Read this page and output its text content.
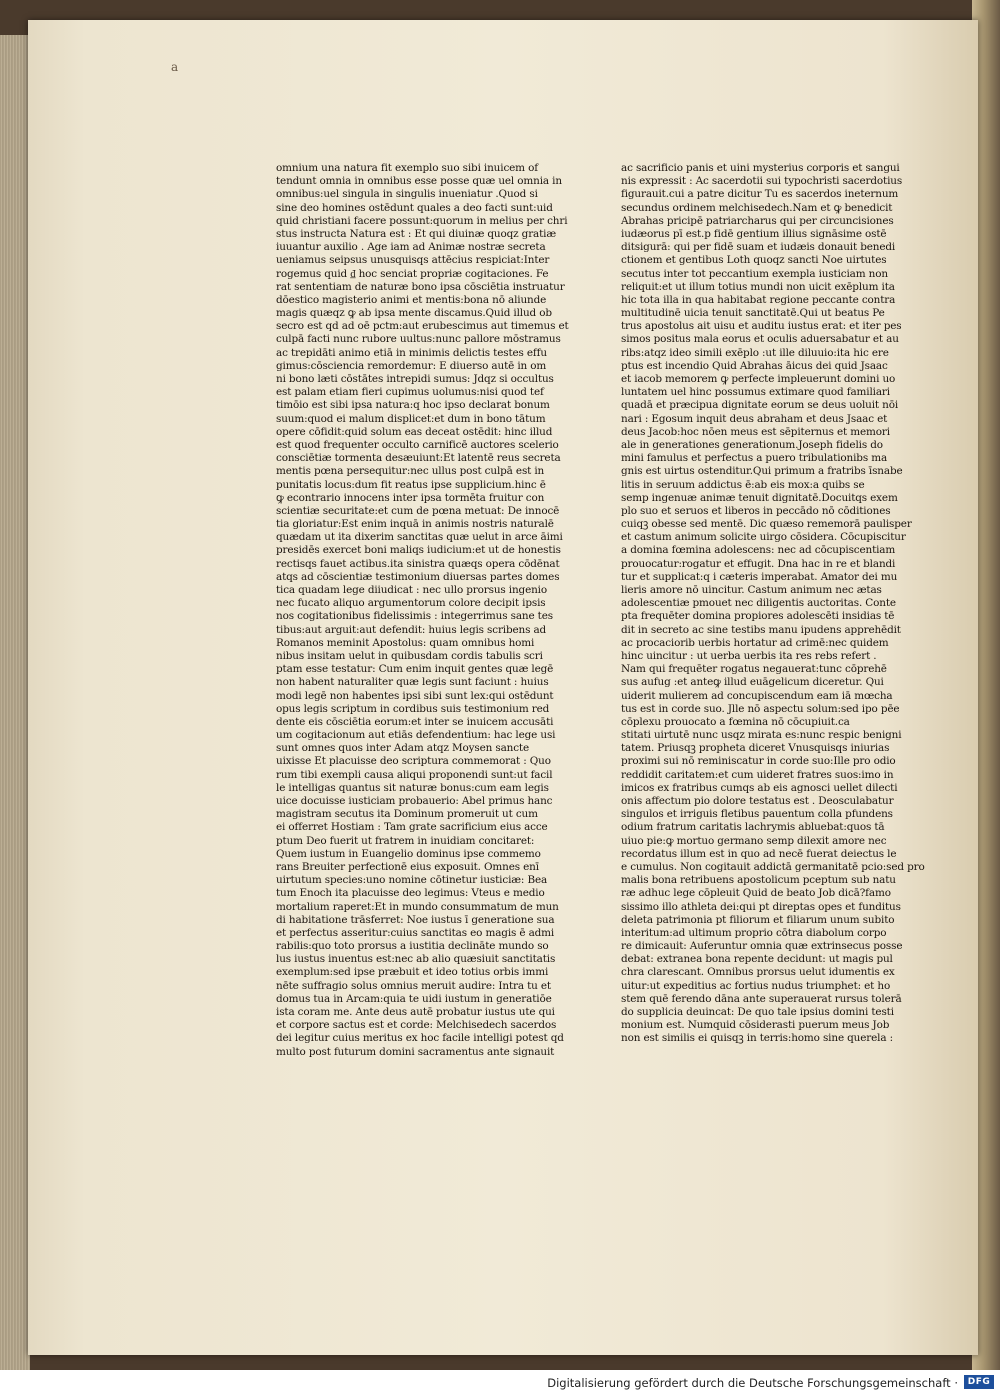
a
omnium una natura fit exemplo suo sibi inuicem of
tendunt omnia in omnibus esse posse quæ uel omnia in
omnibus:uel singula in singulis inueniatur .Quod si
sine deo homines ostēdunt quales a deo facti sunt:uid
quid christiani facere possunt:quorum in melius per chri
stus instructa Natura est : Et qui diuinæ quoqz gratiæ
iuuantur auxilio . Age iam ad Animæ nostræ secreta
ueniamus seipsus unusquisqs attēcius respiciat:Inter
rogemus quid ₫ hoc senciat propriæ cogitaciones. Fe
rat sententiam de naturæ bono ipsa cōsciētia instruatur
dōestico magisterio animi et mentis:bona nō aliunde
magis quæqz ꝙ ab ipsa mente discamus.Quid illud ob
secro est qd ad oē pctm:aut erubescimus aut timemus et
culpā facti nunc rubore uultus:nunc pallore mōstramus
ac trepidāti animo etiā in minimis delictis testes effu
gimus:cōsciencia remordemur: E diuerso autē in om
ni bono læti cōstātes intrepidi sumus: Jdqz si occultus
est palam etiam fieri cupimus uolumus:nisi quod tef
timōio est sibi ipsa natura:q hoc ipso declarat bonum
suum:quod ei malum displicet:et dum in bono tātum
opere cōfidit:quid solum eas deceat ostēdit: hinc illud
est quod frequenter occulto carnificē auctores scelerio
consciētiæ tormenta desæuiunt:Et latentē reus secreta
mentis pœna persequitur:nec ullus post culpā est in
punitatis locus:dum fit reatus ipse supplicium.hinc ē
ꝙ econtrario innocens inter ipsa tormēta fruitur con
scientiæ securitate:et cum de pœna metuat: De innocē
tia gloriatur:Est enim inquā in animis nostris naturalē
quædam ut ita dixerim sanctitas quæ uelut in arce āimi
presidēs exercet boni maliqs iudicium:et ut de honestis
rectisqs fauet actibus.ita sinistra quæqs opera cōdēnat
atqs ad cōscientiæ testimonium diuersas partes domes
tica quadam lege diiudicat : nec ullo prorsus ingenio
nec fucato aliquo argumentorum colore decipit ipsis
nos cogitationibus fidelissimis : integerrimus sane tes
tibus:aut arguit:aut defendit: huius legis scribens ad
Romanos meminit Apostolus: quam omnibus homi
nibus insitam uelut in quibusdam cordis tabulis scri
ptam esse testatur: Cum enim inquit gentes quæ legē
non habent naturaliter quæ legis sunt faciunt : huius
modi legē non habentes ipsi sibi sunt lex:qui ostēdunt
opus legis scriptum in cordibus suis testimonium red
dente eis cōsciētia eorum:et inter se inuicem accusāti
um cogitacionum aut etiās defendentium: hac lege usi
sunt omnes quos inter Adam atqz Moysen sancte
uixisse Et placuisse deo scriptura commemorat : Quo
rum tibi exempli causa aliqui proponendi sunt:ut facil
le intelligas quantus sit naturæ bonus:cum eam legis
uice docuisse iusticiam probauerio: Abel primus hanc
magistram secutus ita Dominum promeruit ut cum
ei offerret Hostiam : Tam grate sacrificium eius acce
ptum Deo fuerit ut fratrem in inuidiam concitaret:
Quem iustum in Euangelio dominus ipse commemo
rans Breuiter perfectionē eius exposuit. Omnes enī
uirtutum species:uno nomine cōtinetur iusticiæ: Bea
tum Enoch ita placuisse deo legimus: Vteus e medio
mortalium raperet:Et in mundo consummatum de mun
di habitatione trāsferret: Noe iustus ī generatione sua
et perfectus asseritur:cuius sanctitas eo magis ē admi
rabilis:quo toto prorsus a iustitia declināte mundo so
lus iustus inuentus est:nec ab alio quæsiuit sanctitatis
exemplum:sed ipse præbuit et ideo totius orbis immi
nēte suffragio solus omnius meruit audire: Intra tu et
domus tua in Arcam:quia te uidi iustum in generatiōe
ista coram me. Ante deus autē probatur iustus ute qui
et corpore sactus est et corde: Melchisedech sacerdos
dei legitur cuius meritus ex hoc facile intelligi potest qd
multo post futurum domini sacramentus ante signauit
ac sacrificio panis et uini mysterius corporis et sangui
nis expressit : Ac sacerdotii sui typochristi sacerdotius
figurauit.cui a patre dicitur Tu es sacerdos ineternum
secundus ordinem melchisedech.Nam et ꝙ benedicit
Abrahas pricipē patriarcharus qui per circuncisiones
iudæorus pī est.p fidē gentium illius signāsime ostē
ditsigurā: qui per fidē suam et iudæis donauit benedi
ctionem et gentibus Loth quoqz sancti Noe uirtutes
secutus inter tot peccantium exempla iusticiam non
reliquit:et ut illum totius mundi non uicit exēplum ita
hic tota illa in qua habitabat regione peccante contra
multitudinē uicia tenuit sanctitatē.Qui ut beatus Pe
trus apostolus ait uisu et auditu iustus erat: et iter pes
simos positus mala eorus et oculis aduersabatur et au
ribs:atqz ideo simili exēplo :ut ille diluuio:ita hic ere
ptus est incendio Quid Abrahas āicus dei quid Jsaac
et iacob memorem ꝙ perfecte impleuerunt domini uo
luntatem uel hinc possumus extimare quod familiari
quadā et præcipua dignitate eorum se deus uoluit nōi
nari : Egosum inquit deus abraham et deus Jsaac et
deus Jacob:hoc nōen meus est sēpiternus et memori
ale in generationes generationum.Joseph fidelis do
mini famulus et perfectus a puero tribulationibs ma
gnis est uirtus ostenditur.Qui primum a fratribs īsnabe
litis in seruum addictus ē:ab eis mox:a quibs se
semp ingenuæ animæ tenuit dignitatē.Docuitqs exem
plo suo et seruos et liberos in peccādo nō cōditiones
cuiqꝫ obesse sed mentē. Dic quæso rememorā paulisper
et castum animum solicite uirgo cōsidera. Cōcupiscitur
a domina fœmina adolescens: nec ad cōcupiscentiam
prouocatur:rogatur et effugit. Dna hac in re et blandi
tur et supplicat:q i cæteris imperabat. Amator dei mu
lieris amore nō uincitur. Castum animum nec ætas
adolescentiæ pmouet nec diligentis auctoritas. Conte
pta frequēter domina propiores adolescēti insidias tē
dit in secreto ac sine testibs manu ipudens apprehēdit
ac procaciorib uerbis hortatur ad crimē:nec quidem
hinc uincitur : ut uerba uerbis ita res rebs refert .
Nam qui frequēter rogatus negauerat:tunc cōprehē
sus aufug :et anteꝙ illud euāgelicum diceretur. Qui
uiderit mulierem ad concupiscendum eam iā mœcha
tus est in corde suo. Jlle nō aspectu solum:sed ipo pēe
cōplexu prouocato a fœmina nō cōcupiuit.ca
stitati uirtutē nunc usqz mirata es:nunc respic benigni
tatem. Priusqꝫ propheta diceret Vnusquisqs iniurias
proximi sui nō reminiscatur in corde suo:Ille pro odio
reddidit caritatem:et cum uideret fratres suos:imo in
imicos ex fratribus cumqs ab eis agnosci uellet dilecti
onis affectum pio dolore testatus est . Deosculabatur
singulos et irriguis fletibus pauentum colla pfundens
odium fratrum caritatis lachrymis abluebat:quos tā
uiuo pie:ꝙ mortuo germano semp dilexit amore nec
recordatus illum est in quo ad necē fuerat deiectus le
e cumulus. Non cogitauit addictā germanitatē pcio:sed pro
malis bona retribuens apostolicum pceptum sub natu
ræ adhuc lege cōpleuit Quid de beato Job dicā?famo
sissimo illo athleta dei:qui pt direptas opes et funditus
deleta patrimonia pt filiorum et filiarum unum subito
interitum:ad ultimum proprio cōtra diabolum corpo
re dimicauit: Auferuntur omnia quæ extrinsecus posse
debat: extranea bona repente decidunt: ut magis pul
chra clarescant. Omnibus prorsus uelut idumentis ex
uitur:ut expeditius ac fortius nudus triumphet: et ho
stem quē ferendo dāna ante superauerat rursus tolerā
do supplicia deuincat: De quo tale ipsius domini testi
monium est. Numquid cōsiderasti puerum meus Job
non est similis ei quisqꝫ in terris:homo sine querela :
Digitalisierung gefördert durch die Deutsche Forschungsgemeinschaft ·	DFG
